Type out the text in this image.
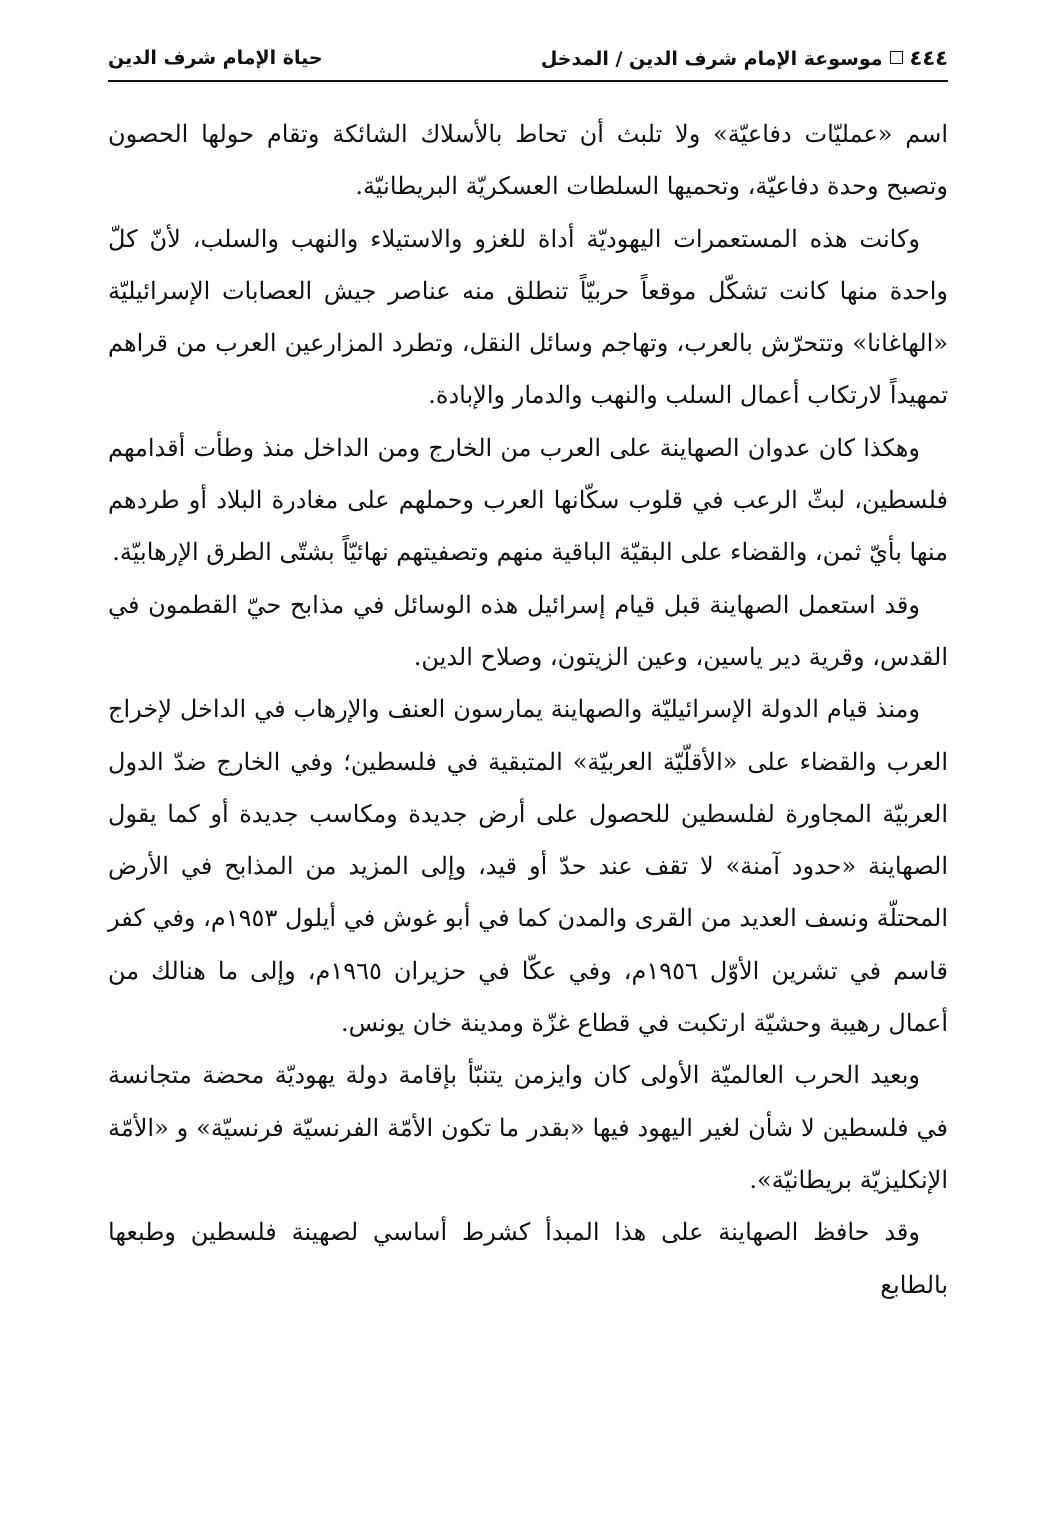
٤٤٤موسوعة الإمام شرف الدين / المدخل
حياة الإمام شرف الدين

اسم «عمليّات دفاعيّة» ولا تلبث أن تحاط بالأسلاك الشائكة وتقام حولها الحصون وتصبح وحدة دفاعيّة، وتحميها السلطات العسكريّة البريطانيّة.

وكانت هذه المستعمرات اليهوديّة أداة للغزو والاستيلاء والنهب والسلب، لأنّ كلّ واحدة منها كانت تشكّل موقعاً حربيّاً تنطلق منه عناصر جيش العصابات الإسرائيليّة «الهاغانا» وتتحرّش بالعرب، وتهاجم وسائل النقل، وتطرد المزارعين العرب من قراهم تمهيداً لارتكاب أعمال السلب والنهب والدمار والإبادة.

وهكذا كان عدوان الصهاينة على العرب من الخارج ومن الداخل منذ وطأت أقدامهم فلسطين، لبثّ الرعب في قلوب سكّانها العرب وحملهم على مغادرة البلاد أو طردهم منها بأيّ ثمن، والقضاء على البقيّة الباقية منهم وتصفيتهم نهائيّاً بشتّى الطرق الإرهابيّة.

وقد استعمل الصهاينة قبل قيام إسرائيل هذه الوسائل في مذابح حيّ القطمون في القدس، وقرية دير ياسين، وعين الزيتون، وصلاح الدين.

ومنذ قيام الدولة الإسرائيليّة والصهاينة يمارسون العنف والإرهاب في الداخل لإخراج العرب والقضاء على «الأقلّيّة العربيّة» المتبقية في فلسطين؛ وفي الخارج ضدّ الدول العربيّة المجاورة لفلسطين للحصول على أرض جديدة ومكاسب جديدة أو كما يقول الصهاينة «حدود آمنة» لا تقف عند حدّ أو قيد، وإلى المزيد من المذابح في الأرض المحتلّة ونسف العديد من القرى والمدن كما في أبو غوش في أيلول ١٩٥٣م، وفي كفر قاسم في تشرين الأوّل ١٩٥٦م، وفي عكّا في حزيران ١٩٦٥م، وإلى ما هنالك من أعمال رهيبة وحشيّة ارتكبت في قطاع غزّة ومدينة خان يونس.

وبعيد الحرب العالميّة الأولى كان وايزمن يتنبّأ بإقامة دولة يهوديّة محضة متجانسة في فلسطين لا شأن لغير اليهود فيها «بقدر ما تكون الأمّة الفرنسيّة فرنسيّة» و «الأمّة الإنكليزيّة بريطانيّة».

وقد حافظ الصهاينة على هذا المبدأ كشرط أساسي لصهينة فلسطين وطبعها بالطابع
